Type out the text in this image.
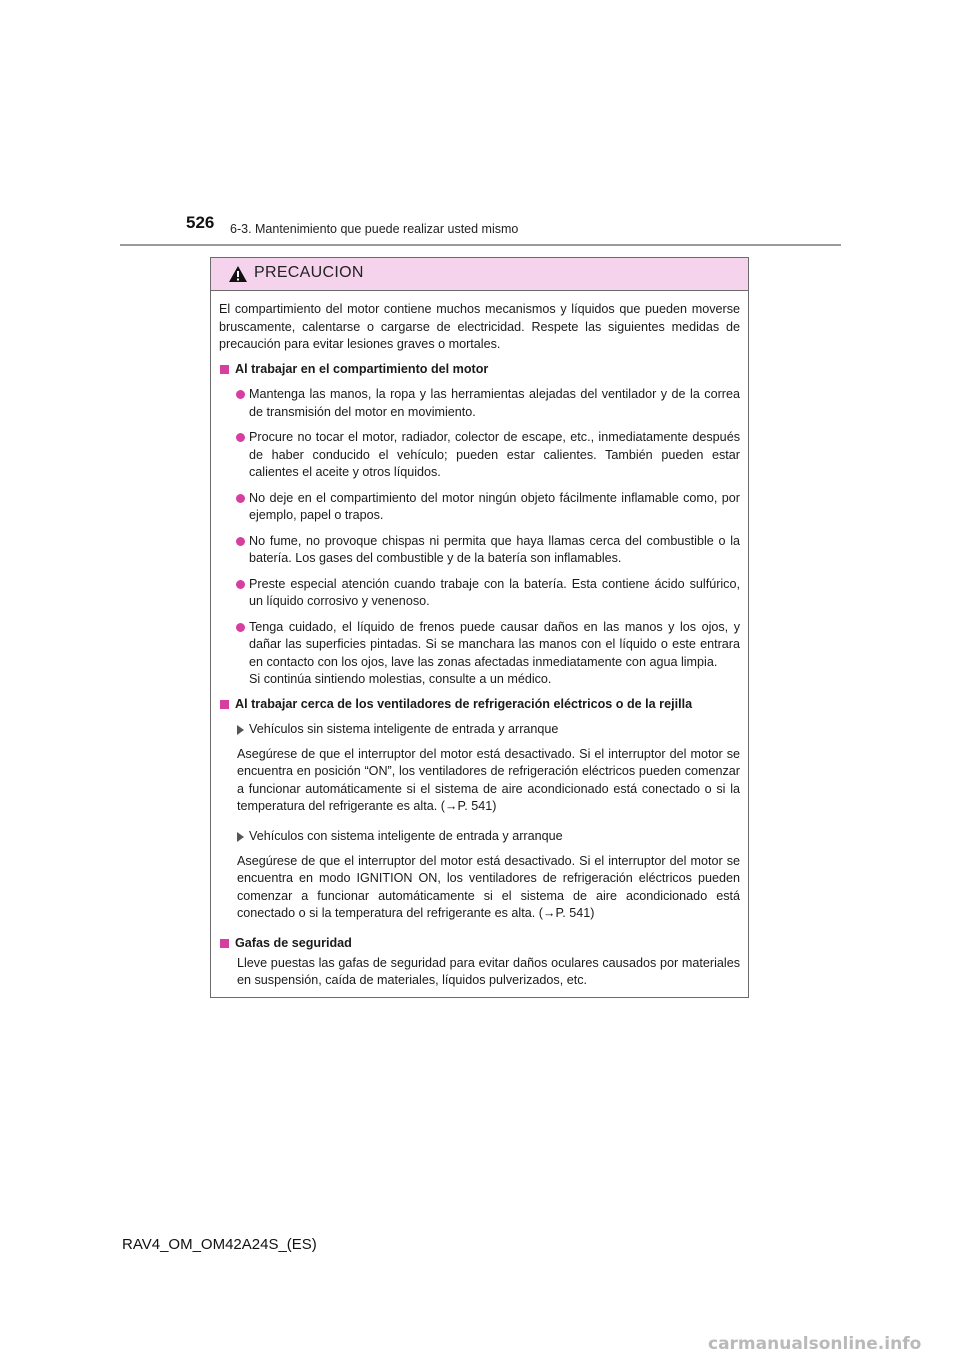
526 6-3. Mantenimiento que puede realizar usted mismo
PRECAUCION

El compartimiento del motor contiene muchos mecanismos y líquidos que pueden moverse bruscamente, calentarse o cargarse de electricidad. Respete las siguientes medidas de precaución para evitar lesiones graves o mortales.

Al trabajar en el compartimiento del motor
Mantenga las manos, la ropa y las herramientas alejadas del ventilador y de la correa de transmisión del motor en movimiento.
Procure no tocar el motor, radiador, colector de escape, etc., inmediatamente después de haber conducido el vehículo; pueden estar calientes. También pueden estar calientes el aceite y otros líquidos.
No deje en el compartimiento del motor ningún objeto fácilmente inflamable como, por ejemplo, papel o trapos.
No fume, no provoque chispas ni permita que haya llamas cerca del combustible o la batería. Los gases del combustible y de la batería son inflamables.
Preste especial atención cuando trabaje con la batería. Esta contiene ácido sulfúrico, un líquido corrosivo y venenoso.
Tenga cuidado, el líquido de frenos puede causar daños en las manos y los ojos, y dañar las superficies pintadas. Si se manchara las manos con el líquido o este entrara en contacto con los ojos, lave las zonas afectadas inmediatamente con agua limpia.
Si continúa sintiendo molestias, consulte a un médico.
Al trabajar cerca de los ventiladores de refrigeración eléctricos o de la rejilla
Vehículos sin sistema inteligente de entrada y arranque

Asegúrese de que el interruptor del motor está desactivado. Si el interruptor del motor se encuentra en posición “ON”, los ventiladores de refrigeración eléctricos pueden comenzar a funcionar automáticamente si el sistema de aire acondicionado está conectado o si la temperatura del refrigerante es alta. (→P. 541)

Vehículos con sistema inteligente de entrada y arranque

Asegúrese de que el interruptor del motor está desactivado. Si el interruptor del motor se encuentra en modo IGNITION ON, los ventiladores de refrigeración eléctricos pueden comenzar a funcionar automáticamente si el sistema de aire acondicionado está conectado o si la temperatura del refrigerante es alta. (→P. 541)

Gafas de seguridad

Lleve puestas las gafas de seguridad para evitar daños oculares causados por materiales en suspensión, caída de materiales, líquidos pulverizados, etc.

RAV4_OM_OM42A24S_(ES)
carmanualsonline.info
